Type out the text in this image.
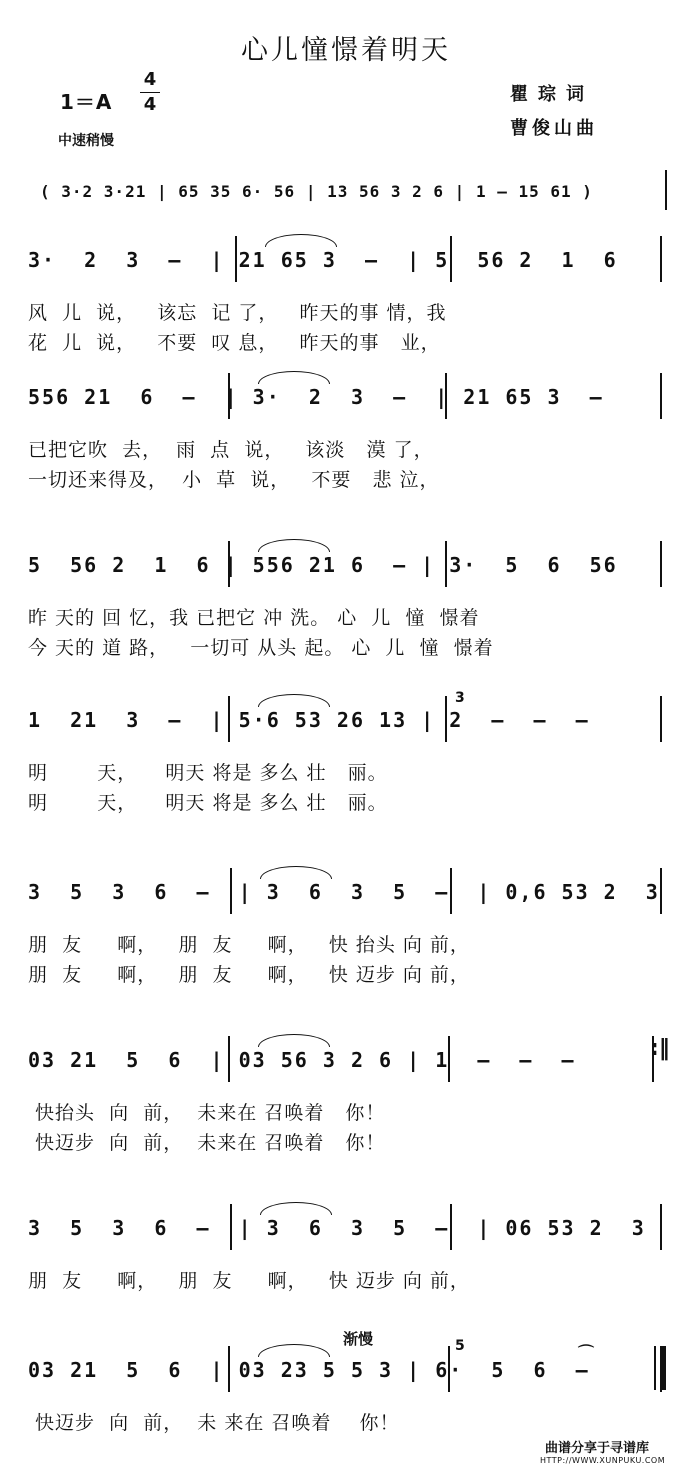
心儿憧憬着明天
1＝A
4
4
中速稍慢
瞿琮词
曹俊山曲
( 3·2 3·21 | 65 35 6· 56 | 13 56 3 2 6 | 1 — 15 61 )
3·  2  3  —  | 21 65 3  —  | 5  56 2  1  6
风  儿  说，   该忘  记 了，   昨天的事 情，我
花  儿  说，   不要  叹 息，   昨天的事   业，
556 21  6  —  | 3·  2  3  —  | 21 65 3  —
已把它吹  去，  雨  点  说，   该淡   漠 了，
一切还来得及，  小  草  说，   不要   悲 泣，
5  56 2  1  6 | 556 21 6  — | 3·  5  6  56
昨 天的 回 忆，我 已把它 冲 洗。 心  儿  憧  憬着
今 天的 道 路，   一切可 从头 起。 心  儿  憧  憬着
1  21  3  —  | 5·6 53 26 13 | 2  —  —  —
明       天，    明天 将是 多么 壮   丽。
明       天，    明天 将是 多么 壮   丽。
3  5  3  6  —  | 3  6  3  5  —  | 0,6 53 2  3
朋  友     啊，   朋  友     啊，   快 抬头 向 前，
朋  友     啊，   朋  友     啊，   快 迈步 向 前，
03 21  5  6  | 03 56 3 2 6 | 1  —  —  —
快抬头  向  前，  未来在 召唤着   你！
快迈步  向  前，  未来在 召唤着   你！
3  5  3  6  —  | 3  6  3  5  —  | 06 53 2  3
朋  友     啊，   朋  友     啊，   快 迈步 向 前，
03 21  5  6  | 03 23 5 5 3 | 6·  5  6  —
快迈步  向  前，  未 来在 召唤着    你！
:‖
⌒
3
5
渐慢
曲谱分享于寻谱库
HTTP://WWW.XUNPUKU.COM
